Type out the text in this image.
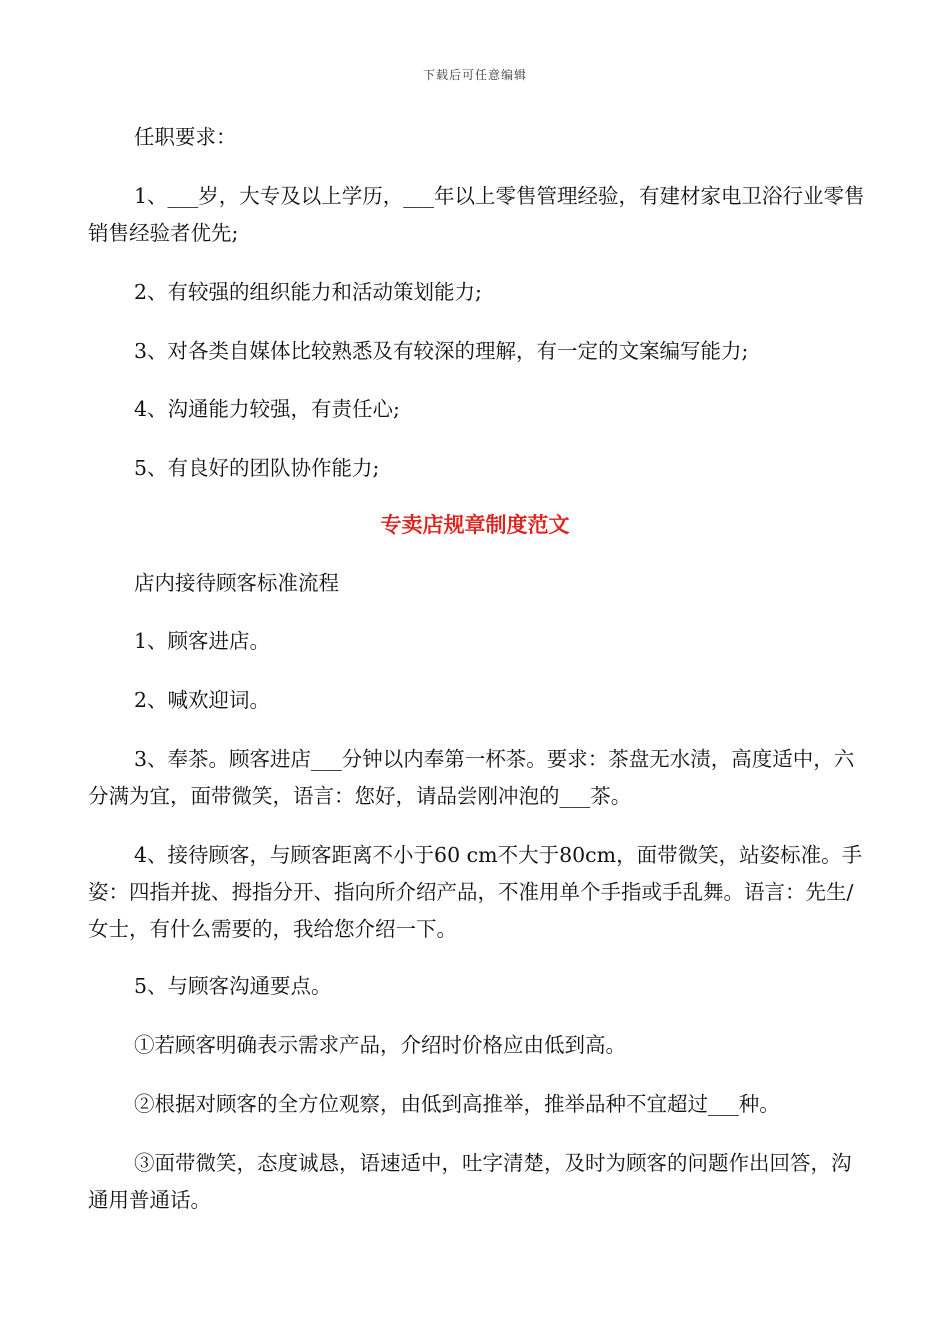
下载后可任意编辑

任职要求：

1、___岁，大专及以上学历，___年以上零售管理经验，有建材家电卫浴行业零售销售经验者优先;

2、有较强的组织能力和活动策划能力;

3、对各类自媒体比较熟悉及有较深的理解，有一定的文案编写能力;

4、沟通能力较强，有责任心;

5、有良好的团队协作能力;

专卖店规章制度范文

店内接待顾客标准流程

1、顾客进店。

2、喊欢迎词。

3、奉茶。顾客进店___分钟以内奉第一杯茶。要求：茶盘无水渍，高度适中，六分满为宜，面带微笑，语言：您好，请品尝刚冲泡的___茶。

4、接待顾客，与顾客距离不小于60 cm不大于80cm，面带微笑，站姿标准。手姿：四指并拢、拇指分开、指向所介绍产品，不准用单个手指或手乱舞。语言：先生/女士，有什么需要的，我给您介绍一下。

5、与顾客沟通要点。

①若顾客明确表示需求产品，介绍时价格应由低到高。

②根据对顾客的全方位观察，由低到高推举，推举品种不宜超过___种。

③面带微笑，态度诚恳，语速适中，吐字清楚，及时为顾客的问题作出回答，沟通用普通话。
